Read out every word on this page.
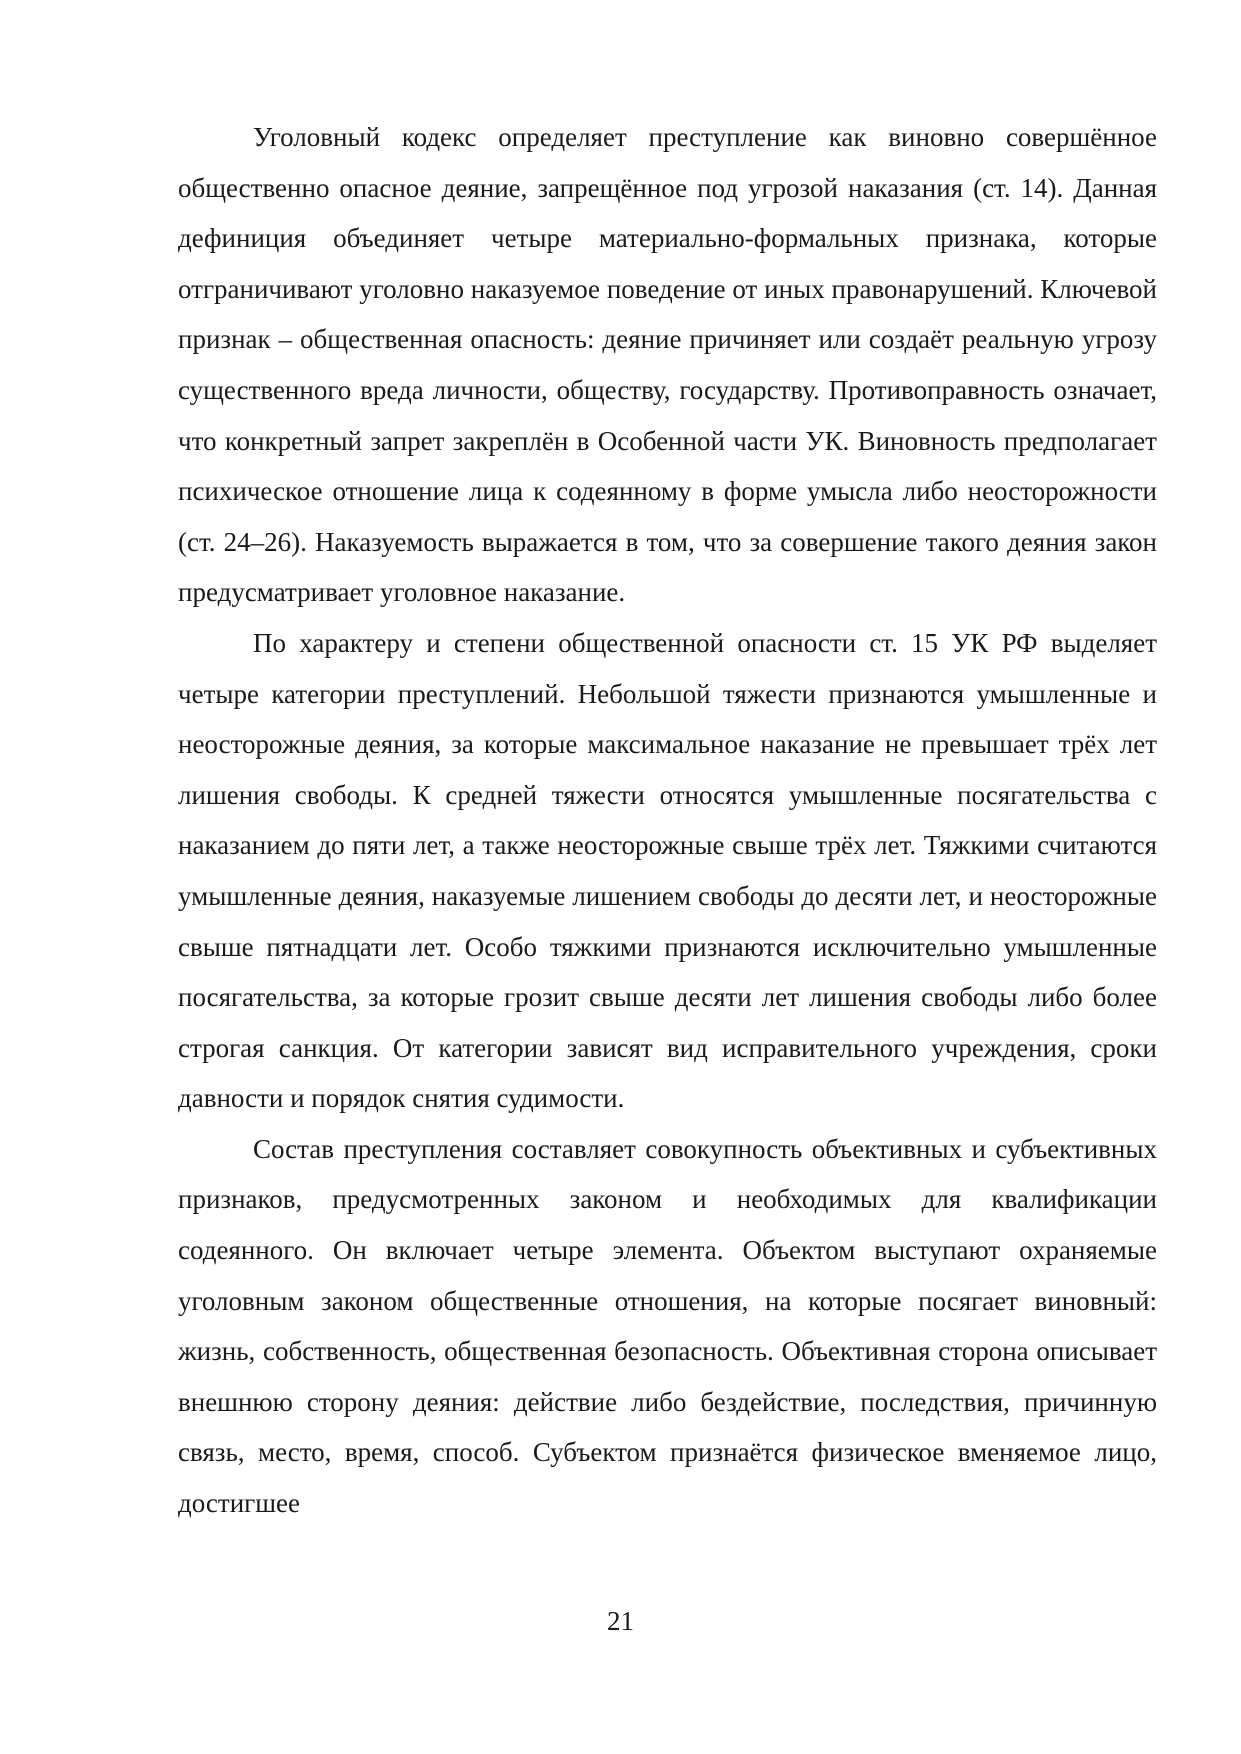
Уголовный кодекс определяет преступление как виновно совершённое общественно опасное деяние, запрещённое под угрозой наказания (ст. 14). Данная дефиниция объединяет четыре материально-формальных признака, которые отграничивают уголовно наказуемое поведение от иных правонарушений. Ключевой признак – общественная опасность: деяние причиняет или создаёт реальную угрозу существенного вреда личности, обществу, государству. Противоправность означает, что конкретный запрет закреплён в Особенной части УК. Виновность предполагает психическое отношение лица к содеянному в форме умысла либо неосторожности (ст. 24–26). Наказуемость выражается в том, что за совершение такого деяния закон предусматривает уголовное наказание.

По характеру и степени общественной опасности ст. 15 УК РФ выделяет четыре категории преступлений. Небольшой тяжести признаются умышленные и неосторожные деяния, за которые максимальное наказание не превышает трёх лет лишения свободы. К средней тяжести относятся умышленные посягательства с наказанием до пяти лет, а также неосторожные свыше трёх лет. Тяжкими считаются умышленные деяния, наказуемые лишением свободы до десяти лет, и неосторожные свыше пятнадцати лет. Особо тяжкими признаются исключительно умышленные посягательства, за которые грозит свыше десяти лет лишения свободы либо более строгая санкция. От категории зависят вид исправительного учреждения, сроки давности и порядок снятия судимости.

Состав преступления составляет совокупность объективных и субъективных признаков, предусмотренных законом и необходимых для квалификации содеянного. Он включает четыре элемента. Объектом выступают охраняемые уголовным законом общественные отношения, на которые посягает виновный: жизнь, собственность, общественная безопасность. Объективная сторона описывает внешнюю сторону деяния: действие либо бездействие, последствия, причинную связь, место, время, способ. Субъектом признаётся физическое вменяемое лицо, достигшее

21
